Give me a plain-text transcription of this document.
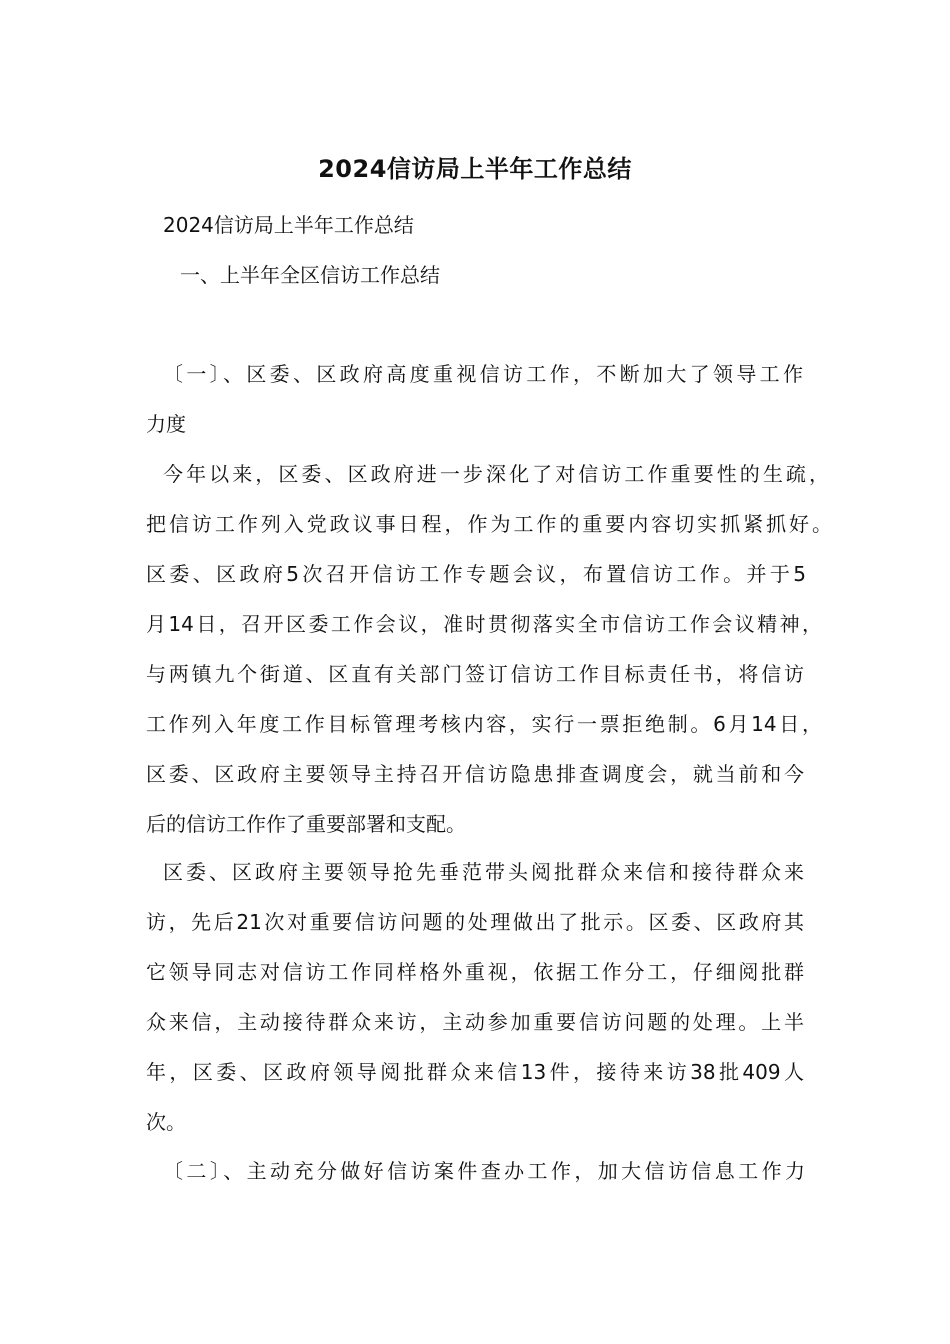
2024信访局上半年工作总结
2024信访局上半年工作总结
一、上半年全区信访工作总结
〔一〕、区委、区政府高度重视信访工作，不断加大了领导工作
力度
今年以来，区委、区政府进一步深化了对信访工作重要性的生疏，
把信访工作列入党政议事日程，作为工作的重要内容切实抓紧抓好。
区委、区政府5次召开信访工作专题会议，布置信访工作。并于5
月14日，召开区委工作会议，准时贯彻落实全市信访工作会议精神，
与两镇九个街道、区直有关部门签订信访工作目标责任书，将信访
工作列入年度工作目标管理考核内容，实行一票拒绝制。6月14日，
区委、区政府主要领导主持召开信访隐患排查调度会，就当前和今
后的信访工作作了重要部署和支配。
区委、区政府主要领导抢先垂范带头阅批群众来信和接待群众来
访，先后21次对重要信访问题的处理做出了批示。区委、区政府其
它领导同志对信访工作同样格外重视，依据工作分工，仔细阅批群
众来信，主动接待群众来访，主动参加重要信访问题的处理。上半
年，区委、区政府领导阅批群众来信13件，接待来访38批409人
次。
〔二〕、主动充分做好信访案件查办工作，加大信访信息工作力
